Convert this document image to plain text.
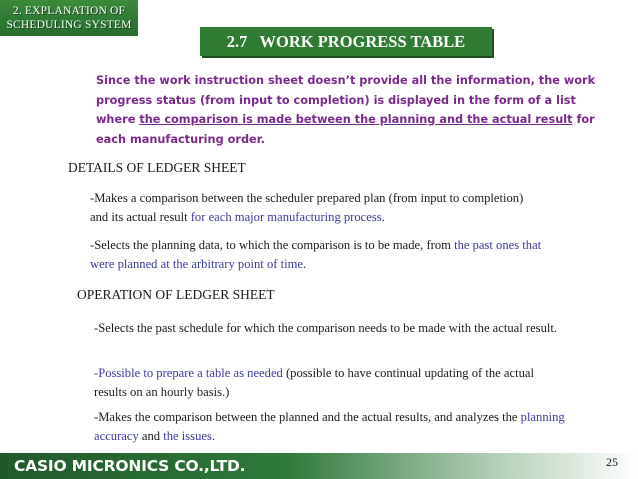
2. EXPLANATION OF
SCHEDULING SYSTEM
2.7   WORK PROGRESS TABLE
Since the work instruction sheet doesn’t provide all the information, the work progress status (from input to completion) is displayed in the form of a list where the comparison is made between the planning and the actual result for each manufacturing order.
DETAILS OF LEDGER SHEET
-Makes a comparison between the scheduler prepared plan (from input to completion) and its actual result for each major manufacturing process.
-Selects the planning data, to which the comparison is to be made, from the past ones that were planned at the arbitrary point of time.
OPERATION OF LEDGER SHEET
-Selects the past schedule for which the comparison needs to be made with the actual result.
-Possible to prepare a table as needed (possible to have continual updating of the actual results on an hourly basis.)
-Makes the comparison between the planned and the actual results, and analyzes the planning accuracy and the issues.
CASIO MICRONICS CO.,LTD.	25
